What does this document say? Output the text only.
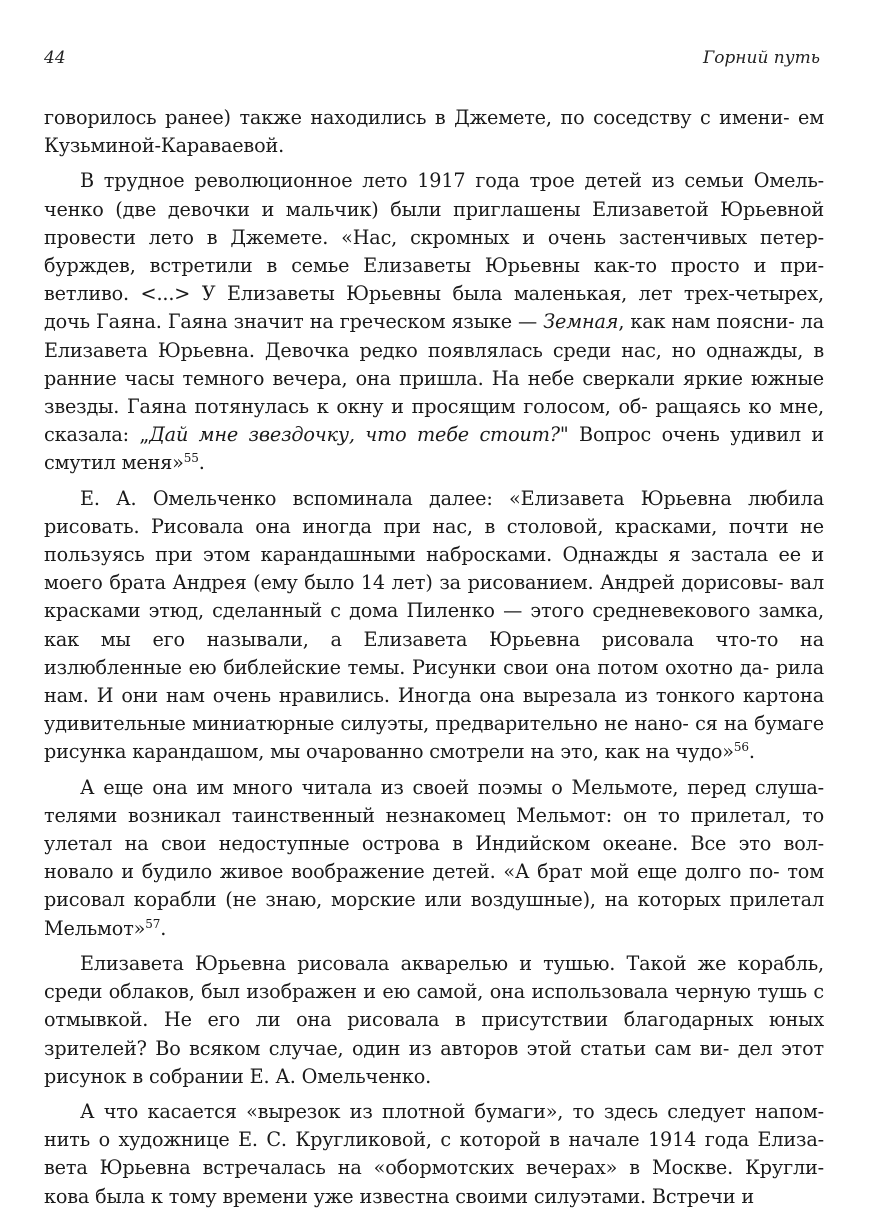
44	Горний путь

говорилось ранее) также находились в Джемете, по соседству с имени- ем Кузьминой-Караваевой.

В трудное революционное лето 1917 года трое детей из семьи Омель- ченко (две девочки и мальчик) были приглашены Елизаветой Юрьевной провести лето в Джемете. «Нас, скромных и очень застенчивых петер- бурждев, встретили в семье Елизаветы Юрьевны как-то просто и при- ветливо. <...> У Елизаветы Юрьевны была маленькая, лет трех-четырех, дочь Гаяна. Гаяна значит на греческом языке — Земная, как нам поясни- ла Елизавета Юрьевна. Девочка редко появлялась среди нас, но однажды, в ранние часы темного вечера, она пришла. На небе сверкали яркие южные звезды. Гаяна потянулась к окну и просящим голосом, об- ращаясь ко мне, сказала: „Дай мне звездочку, что тебе стоит?" Вопрос очень удивил и смутил меня»$^{55}$.

Е. А. Омельченко вспоминала далее: «Елизавета Юрьевна любила рисовать. Рисовала она иногда при нас, в столовой, красками, почти не пользуясь при этом карандашными набросками. Однажды я застала ее и моего брата Андрея (ему было 14 лет) за рисованием. Андрей дорисовы- вал красками этюд, сделанный с дома Пиленко — этого средневекового замка, как мы его называли, а Елизавета Юрьевна рисовала что-то на излюбленные ею библейские темы. Рисунки свои она потом охотно да- рила нам. И они нам очень нравились. Иногда она вырезала из тонкого картона удивительные миниатюрные силуэты, предварительно не нано- ся на бумаге рисунка карандашом, мы очарованно смотрели на это, как на чудо»$^{56}$.

А еще она им много читала из своей поэмы о Мельмоте, перед слуша- телями возникал таинственный незнакомец Мельмот: он то прилетал, то улетал на свои недоступные острова в Индийском океане. Все это вол- новало и будило живое воображение детей. «А брат мой еще долго по- том рисовал корабли (не знаю, морские или воздушные), на которых прилетал Мельмот»$^{57}$.

Елизавета Юрьевна рисовала акварелью и тушью. Такой же корабль, среди облаков, был изображен и ею самой, она использовала черную тушь с отмывкой. Не его ли она рисовала в присутствии благодарных юных зрителей? Во всяком случае, один из авторов этой статьи сам ви- дел этот рисунок в собрании Е. А. Омельченко.

А что касается «вырезок из плотной бумаги», то здесь следует напом- нить о художнице Е. С. Кругликовой, с которой в начале 1914 года Елиза- вета Юрьевна встречалась на «обормотских вечерах» в Москве. Кругли- кова была к тому времени уже известна своими силуэтами. Встречи и
